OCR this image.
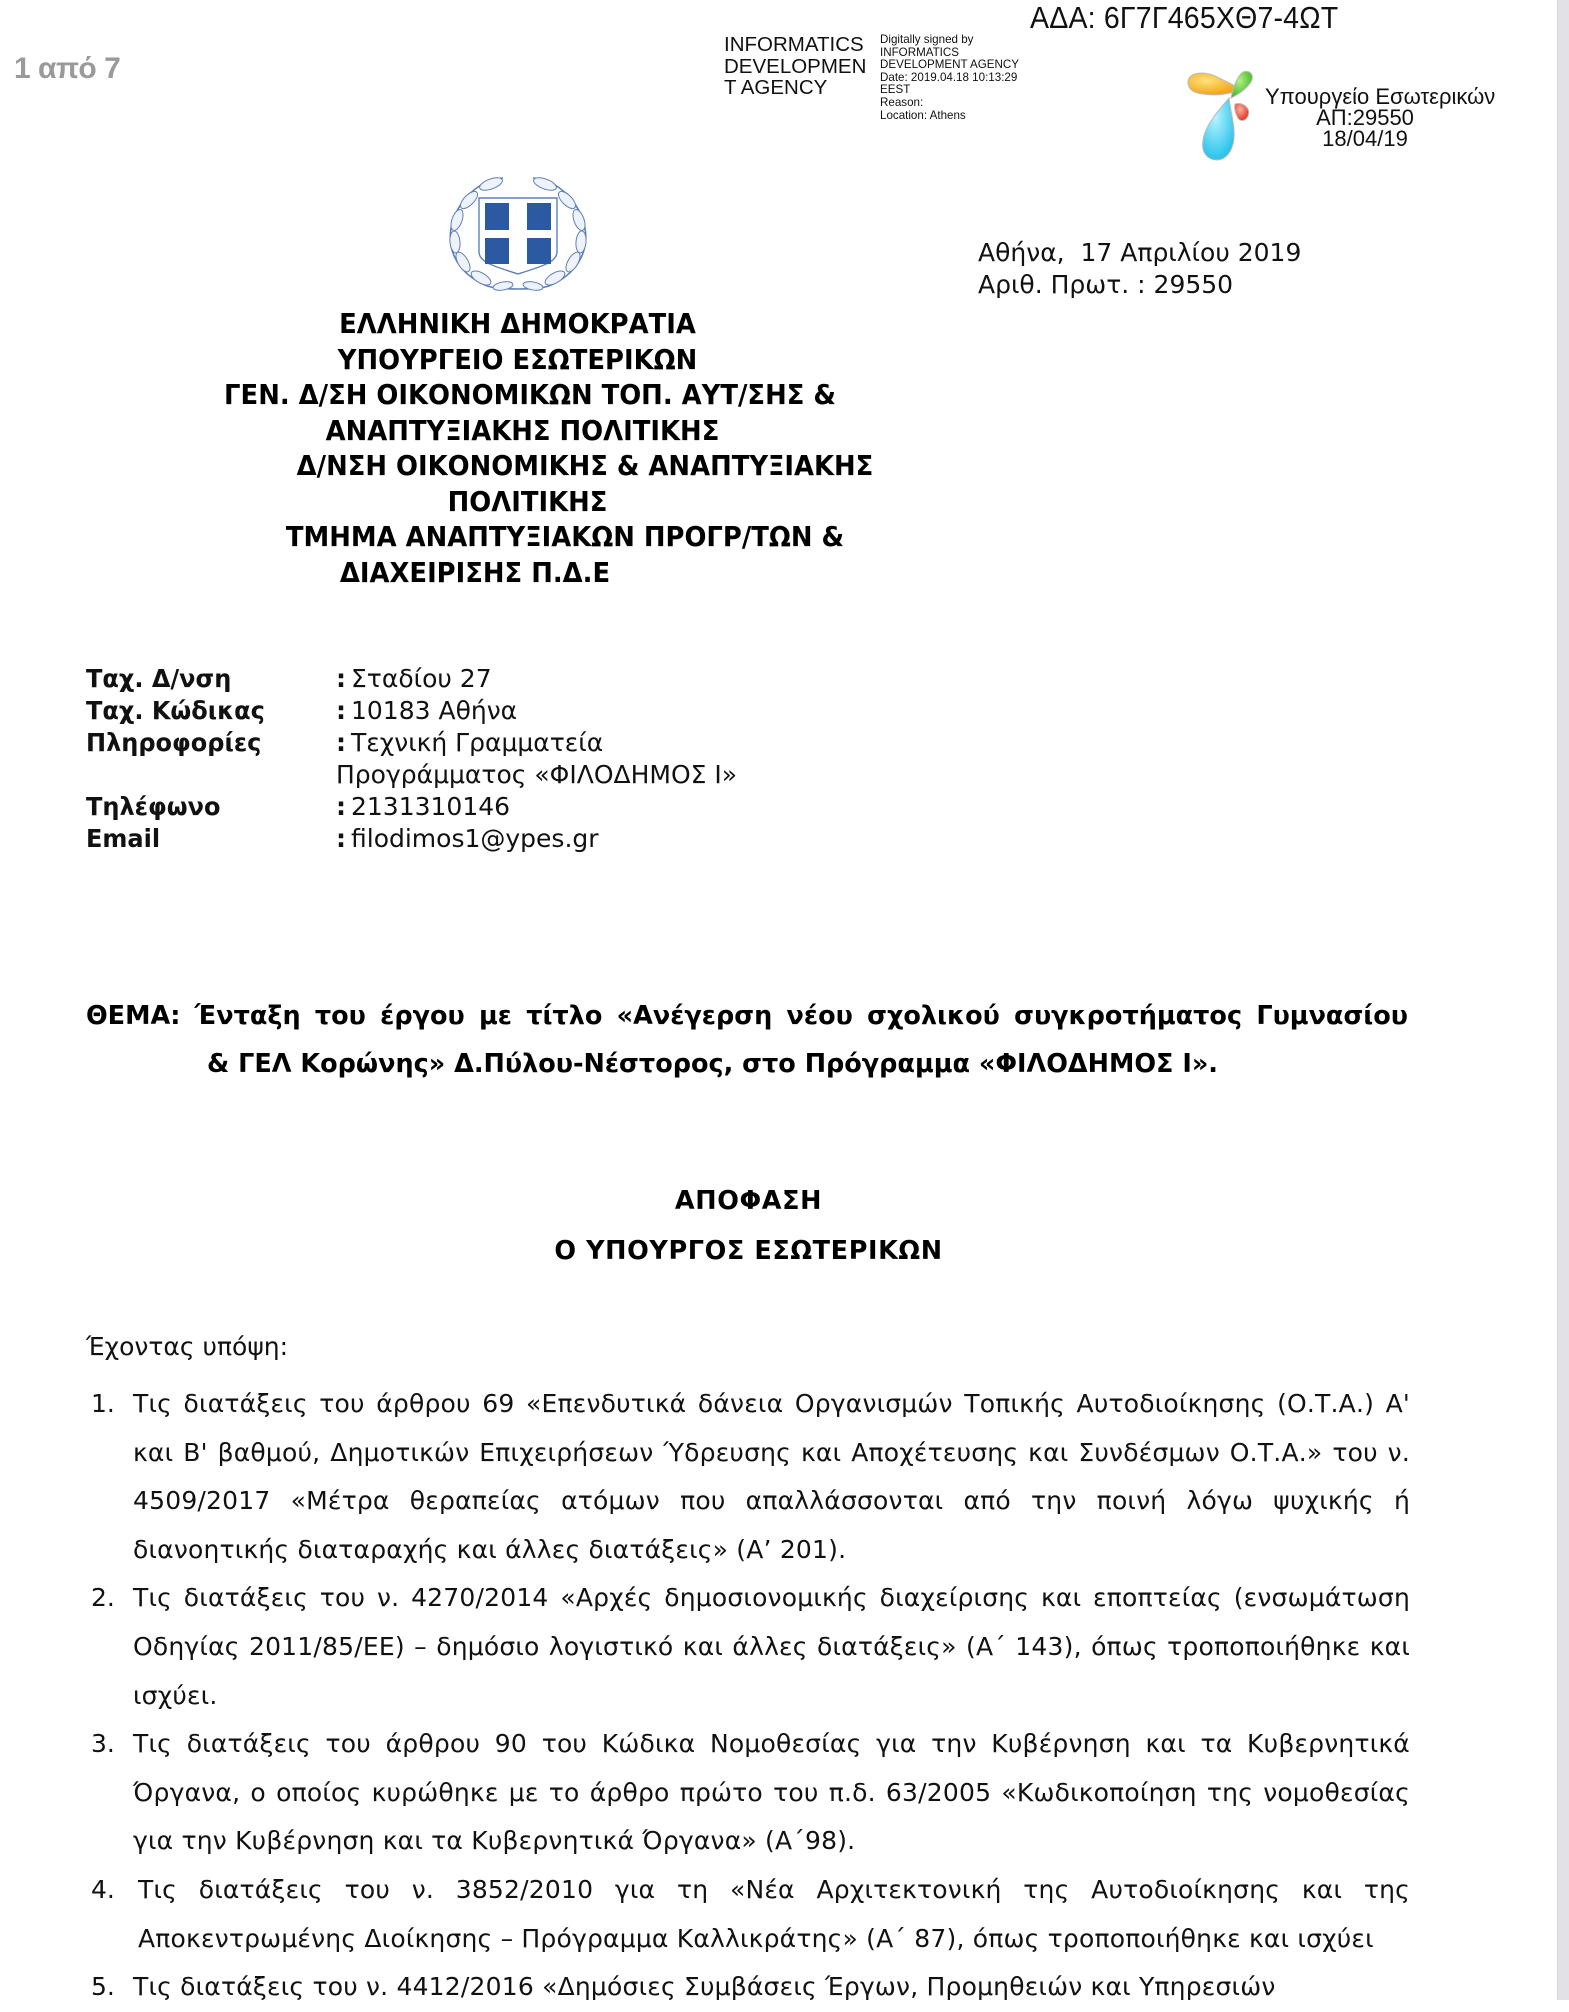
1 από 7
ΑΔΑ: 6Γ7Γ465ΧΘ7-4ΩΤ
INFORMATICS
DEVELOPMEN
T AGENCY
Digitally signed by
INFORMATICS
DEVELOPMENT AGENCY
Date: 2019.04.18 10:13:29
EEST
Reason:
Location: Athens
Υπουργείο Εσωτερικών
ΑΠ:29550
18/04/19
ΕΛΛΗΝΙΚΗ ΔΗΜΟΚΡΑΤΙΑ
ΥΠΟΥΡΓΕΙΟ ΕΣΩΤΕΡΙΚΩΝ
ΓΕΝ. Δ/ΣΗ ΟΙΚΟΝΟΜΙΚΩΝ ΤΟΠ. ΑΥΤ/ΣΗΣ &
ΑΝΑΠΤΥΞΙΑΚΗΣ ΠΟΛΙΤΙΚΗΣ
Δ/ΝΣΗ ΟΙΚΟΝΟΜΙΚΗΣ & ΑΝΑΠΤΥΞΙΑΚΗΣ
ΠΟΛΙΤΙΚΗΣ
ΤΜΗΜΑ ΑΝΑΠΤΥΞΙΑΚΩΝ ΠΡΟΓΡ/ΤΩΝ &
ΔΙΑΧΕΙΡΙΣΗΣ Π.Δ.Ε
Αθήνα,  17 Απριλίου 2019
Αριθ. Πρωτ. : 29550
Ταχ. Δ/νση	: Σταδίου 27
Ταχ. Κώδικας	: 10183 Αθήνα
Πληροφορίες	: Τεχνική Γραμματεία
Προγράμματος «ΦΙΛΟΔΗΜΟΣ Ι»
Τηλέφωνο	: 2131310146
Email	: filodimos1@ypes.gr
ΘΕΜΑ: Ένταξη του έργου με τίτλο «Ανέγερση νέου σχολικού συγκροτήματος Γυμνασίου
& ΓΕΛ Κορώνης» Δ.Πύλου-Νέστορος, στο Πρόγραμμα «ΦΙΛΟΔΗΜΟΣ Ι».
ΑΠΟΦΑΣΗ
Ο ΥΠΟΥΡΓΟΣ ΕΣΩΤΕΡΙΚΩΝ
Έχοντας υπόψη:
1. Τις διατάξεις του άρθρου 69 «Επενδυτικά δάνεια Οργανισμών Τοπικής Αυτοδιοίκησης (Ο.Τ.Α.) Α' και Β' βαθμού, Δημοτικών Επιχειρήσεων Ύδρευσης και Αποχέτευσης και Συνδέσμων Ο.Τ.Α.» του ν. 4509/2017 «Μέτρα θεραπείας ατόμων που απαλλάσσονται από την ποινή λόγω ψυχικής ή διανοητικής διαταραχής και άλλες διατάξεις» (Α’ 201).
2. Τις διατάξεις του ν. 4270/2014 «Αρχές δημοσιονομικής διαχείρισης και εποπτείας (ενσωμάτωση Οδηγίας 2011/85/ΕΕ) – δημόσιο λογιστικό και άλλες διατάξεις» (Α΄ 143), όπως τροποποιήθηκε και ισχύει.
3. Τις διατάξεις του άρθρου 90 του Κώδικα Νομοθεσίας για την Κυβέρνηση και τα Κυβερνητικά Όργανα, ο οποίος κυρώθηκε με το άρθρο πρώτο του π.δ. 63/2005 «Κωδικοποίηση της νομοθεσίας για την Κυβέρνηση και τα Κυβερνητικά Όργανα» (Α΄98).
4. Τις διατάξεις του ν. 3852/2010 για τη «Νέα Αρχιτεκτονική της Αυτοδιοίκησης και της Αποκεντρωμένης Διοίκησης – Πρόγραμμα Καλλικράτης» (Α΄ 87), όπως τροποποιήθηκε και ισχύει
5. Τις διατάξεις του ν. 4412/2016 «Δημόσιες Συμβάσεις Έργων, Προμηθειών και Υπηρεσιών
